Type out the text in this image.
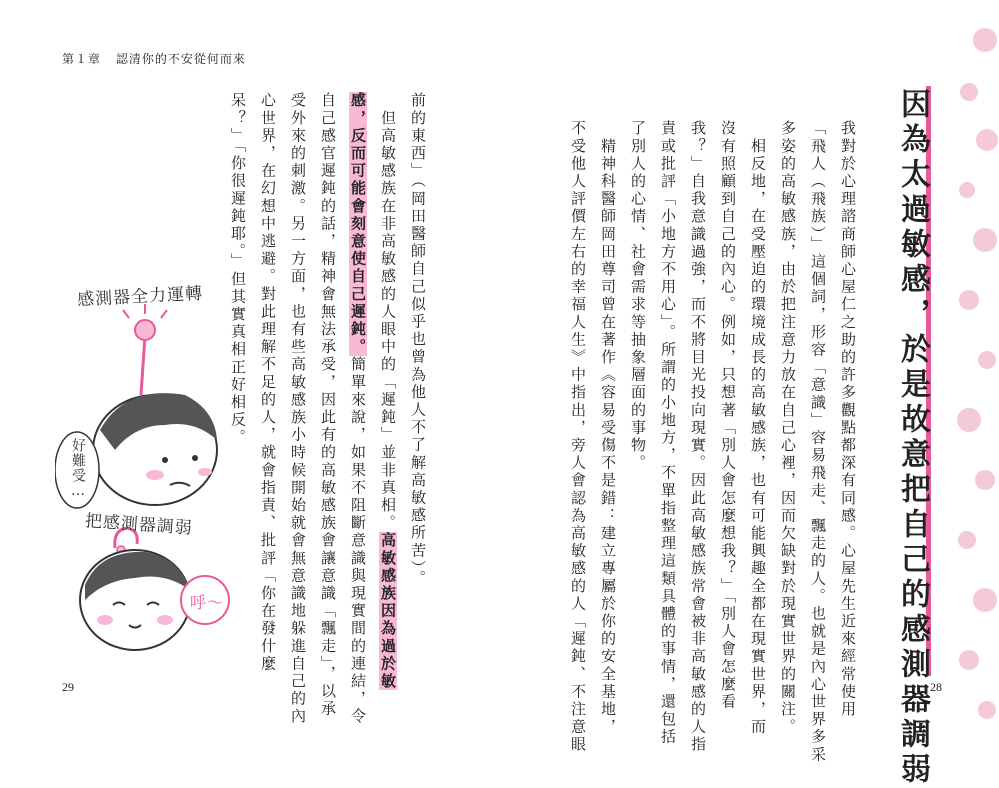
第１章 認清你的不安從何而來
29	28
因為太過敏感，於是故意把自己的感測器調弱
我對於心理諮商師心屋仁之助的許多觀點都深有同感。心屋先生近來經常使用
「飛人（飛族）」這個詞，形容「意識」容易飛走、飄走的人。也就是內心世界多采
多姿的高敏感族，由於把注意力放在自己心裡，因而欠缺對於現實世界的關注。
　相反地，在受壓迫的環境成長的高敏感族，也有可能興趣全都在現實世界，而
沒有照顧到自己的內心。例如，只想著「別人會怎麼想我？」「別人會怎麼看
我？」自我意識過強，而不將目光投向現實。因此高敏感族常會被非高敏感的人指
責或批評「小地方不用心」。所謂的小地方，不單指整理這類具體的事情，還包括
了別人的心情、社會需求等抽象層面的事物。
　精神科醫師岡田尊司曾在著作《容易受傷不是錯：建立專屬於你的安全基地，
不受他人評價左右的幸福人生》中指出，旁人會認為高敏感的人「遲鈍、不注意眼
前的東西」（岡田醫師自己似乎也曾為他人不了解高敏感所苦）。
　但高敏感族在非高敏感的人眼中的「遲鈍」並非真相。高敏感族因為過於敏
感，反而可能會刻意使自己遲鈍。簡單來說，如果不阻斷意識與現實間的連結，令
自己感官遲鈍的話，精神會無法承受，因此有的高敏感族會讓意識「飄走」，以承
受外來的刺激。另一方面，也有些高敏感族小時候開始就會無意識地躲進自己的內
心世界，在幻想中逃避。對此理解不足的人，就會指責、批評「你在發什麼
呆？」「你很遲鈍耶。」但其實真相正好相反。
感測器全力運轉
好難受…
把感測器調弱
呼～
